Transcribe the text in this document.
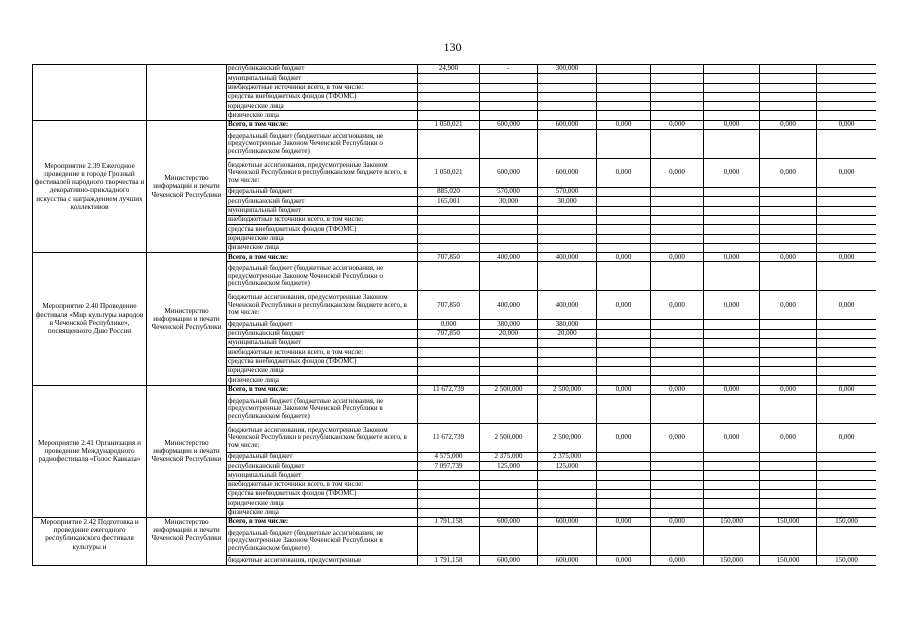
130
		республиканский бюджет	24,900	-	300,000					
		муниципальный бюджет								
		внебюджетные источники всего, в том числе:								
		средства внебюджетных фондов (ТФОМС)								
		юридические лица								
		физические лица								
Мероприятие 2.39 Ежегодное проведение в городе Грозный фестивалей народного творчества и декоративно-прикладного искусства с награждением лучших коллективов	Министерство информации и печати Чеченской Республики	Всего, в том числе:	1 050,021	600,000	600,000	0,000	0,000	0,000	0,000	0,000
		федеральный бюджет (бюджетные ассигнования, не предусмотренные Законом Чеченской Республики о республиканском бюджете)								
		бюджетные ассигнования, предусмотренные Законом Чеченской Республики в республиканском бюджете всего, в том числе:	1 050,021	600,000	600,000	0,000	0,000	0,000	0,000	0,000
		федеральный бюджет	885,020	570,000	570,000					
		республиканский бюджет	165,001	30,000	30,000					
		муниципальный бюджет								
		внебюджетные источники всего, в том числе:								
		средства внебюджетных фондов (ТФОМС)								
		юридические лица								
		физические лица								
Мероприятие 2.40 Проведение фестиваля «Мир культуры народов в Чеченской Республике», посвященного Дню России	Министерство информации и печати Чеченской Республики	Всего, в том числе:	707,850	400,000	400,000	0,000	0,000	0,000	0,000	0,000
		федеральный бюджет (бюджетные ассигнования, не предусмотренные Законом Чеченской Республики о республиканском бюджете)								
		бюджетные ассигнования, предусмотренные Законом Чеченской Республики в республиканском бюджете всего, в том числе:	707,850	400,000	400,000	0,000	0,000	0,000	0,000	0,000
		федеральный бюджет	0,000	380,000	380,000					
		республиканский бюджет	707,850	20,000	20,000					
		муниципальный бюджет								
		внебюджетные источники всего, в том числе:								
		средства внебюджетных фондов (ТФОМС)								
		юридические лица								
		физические лица								
Мероприятие 2.41 Организация и проведение Международного радиофестиваля «Голос Кавказа»	Министерство информации и печати Чеченской Республики	Всего, в том числе:	11 672,739	2 500,000	2 500,000	0,000	0,000	0,000	0,000	0,000
		федеральный бюджет (бюджетные ассигнования, не предусмотренные Законом Чеченской Республики в республиканском бюджете)								
		бюджетные ассигнования, предусмотренные Законом Чеченской Республики в республиканском бюджете всего, в том числе:	11 672,739	2 500,000	2 500,000	0,000	0,000	0,000	0,000	0,000
		федеральный бюджет	4 575,000	2 375,000	2 375,000					
		республиканский бюджет	7 097,739	125,000	125,000					
		муниципальный бюджет								
		внебюджетные источники всего, в том числе:								
		средства внебюджетных фондов (ТФОМС)								
		юридические лица								
		физические лица								
Мероприятие 2.42 Подготовка и проведение ежегодного республиканского фестиваля культуры и	Министерство информации и печати Чеченской Республики	Всего, в том числе:	1 791,158	600,000	600,000	0,000	0,000	150,000	150,000	150,000
		федеральный бюджет (бюджетные ассигнования, не предусмотренные Законом Чеченской Республики в республиканском бюджете)								
		бюджетные ассигнования, предусмотренные	1 791,158	600,000	600,000	0,000	0,000	150,000	150,000	150,000
